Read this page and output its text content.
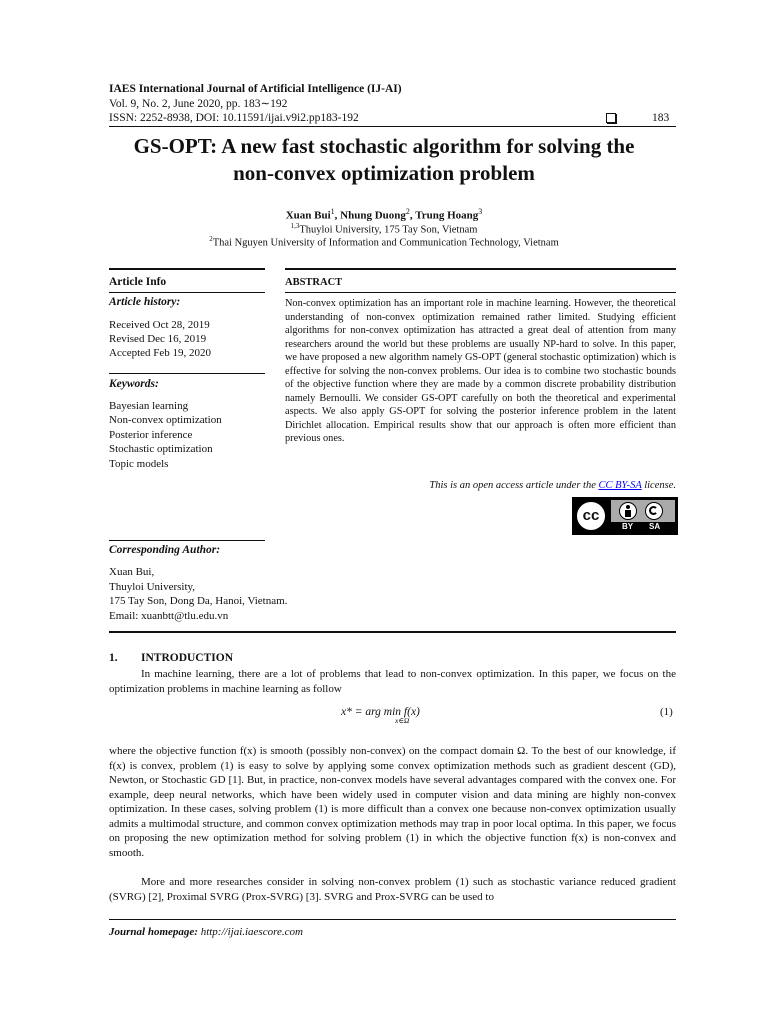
IAES International Journal of Artificial Intelligence (IJ-AI)
Vol. 9, No. 2, June 2020, pp. 183∼192
ISSN: 2252-8938, DOI: 10.11591/ijai.v9i2.pp183-192	183
GS-OPT: A new fast stochastic algorithm for solving the
non-convex optimization problem
Xuan Bui$^1$, Nhung Duong$^2$, Trung Hoang$^3$
$^{1,3}$Thuyloi University, 175 Tay Son, Vietnam
$^2$Thai Nguyen University of Information and Communication Technology, Vietnam
Article Info
Article history:
Received Oct 28, 2019
Revised Dec 16, 2019
Accepted Feb 19, 2020
Keywords:
Bayesian learning
Non-convex optimization
Posterior inference
Stochastic optimization
Topic models
ABSTRACT
Non-convex optimization has an important role in machine learning. However, the theoretical understanding of non-convex optimization remained rather limited. Studying efficient algorithms for non-convex optimization has attracted a great deal of attention from many researchers around the world but these problems are usually NP-hard to solve. In this paper, we have proposed a new algorithm namely GS-OPT (general stochastic optimization) which is effective for solving the non-convex problems. Our idea is to combine two stochastic bounds of the objective function where they are made by a common discrete probability distribution namely Bernoulli. We consider GS-OPT carefully on both the theoretical and experimental aspects. We also apply GS-OPT for solving the posterior inference problem in the latent Dirichlet allocation. Empirical results show that our approach is often more efficient than previous ones.
This is an open access article under the CC BY-SA license.
cc
BY SA
Corresponding Author:
Xuan Bui,
Thuyloi University,
175 Tay Son, Dong Da, Hanoi, Vietnam.
Email: xuanbtt@tlu.edu.vn
1. INTRODUCTION
In machine learning, there are a lot of problems that lead to non-convex optimization. In this paper, we focus on the optimization problems in machine learning as follow
x* = arg min f(x)
x∈Ω
(1)
where the objective function f(x) is smooth (possibly non-convex) on the compact domain Ω. To the best of our knowledge, if f(x) is convex, problem (1) is easy to solve by applying some convex optimization methods such as gradient descent (GD), Newton, or Stochastic GD [1]. But, in practice, non-convex models have several advantages compared with the convex one. For example, deep neural networks, which have been widely used in computer vision and data mining are highly non-convex optimization. In these cases, solving problem (1) is more difficult than a convex one because non-convex optimization usually admits a multimodal structure, and common convex optimization methods may trap in poor local optima. In this paper, we focus on proposing the new optimization method for solving problem (1) in which the objective function f(x) is non-convex and smooth.
More and more researches consider in solving non-convex problem (1) such as stochastic variance reduced gradient (SVRG) [2], Proximal SVRG (Prox-SVRG) [3]. SVRG and Prox-SVRG can be used to
Journal homepage: http://ijai.iaescore.com
